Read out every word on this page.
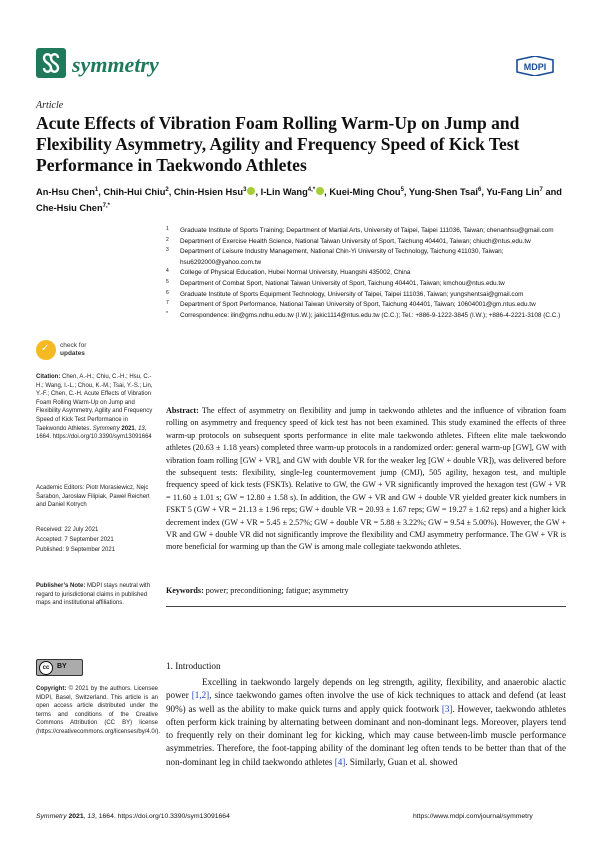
symmetry	MDPI
Article
Acute Effects of Vibration Foam Rolling Warm-Up on Jump and Flexibility Asymmetry, Agility and Frequency Speed of Kick Test Performance in Taekwondo Athletes
An-Hsu Chen$^1$, Chih-Hui Chiu$^2$, Chin-Hsien Hsu$^3$ , I-Lin Wang$^{4,*}$ , Kuei-Ming Chou$^5$, Yung-Shen Tsai$^6$, Yu-Fang Lin$^7$ and Che-Hsiu Chen$^{7,*}$
1 Graduate Institute of Sports Training; Department of Martial Arts, University of Taipei, Taipei 111036, Taiwan; chenanhsu@gmail.com
2 Department of Exercise Health Science, National Taiwan University of Sport, Taichung 404401, Taiwan; chiuch@ntus.edu.tw
3 Department of Leisure Industry Management, National Chin-Yi University of Technology, Taichung 411030, Taiwan; hsu6292000@yahoo.com.tw
4 College of Physical Education, Hubei Normal University, Huangshi 435002, China
5 Department of Combat Sport, National Taiwan University of Sport, Taichung 404401, Taiwan; kmchou@ntus.edu.tw
6 Graduate Institute of Sports Equipment Technology, University of Taipei, Taipei 111036, Taiwan; yungshentsai@gmail.com
7 Department of Sport Performance, National Taiwan University of Sport, Taichung 404401, Taiwan; 10604001@gm.ntus.edu.tw
* Correspondence: ilin@gms.ndhu.edu.tw (I.W.); jakic1114@ntus.edu.tw (C.C.); Tel.: +886-9-1222-3845 (I.W.); +886-4-2221-3108 (C.C.)
✓ check for
updates
Citation: Chen, A.-H.; Chiu, C.-H.; Hsu, C.-H.; Wang, I.-L.; Chou, K.-M.; Tsai, Y.-S.; Lin, Y.-F.; Chen, C.-H. Acute Effects of Vibration Foam Rolling Warm-Up on Jump and Flexibility Asymmetry, Agility and Frequency Speed of Kick Test Performance in Taekwondo Athletes. Symmetry 2021, 13, 1664. https://doi.org/10.3390/sym13091664
Academic Editors: Piotr Morasiewicz, Nejc Šarabon, Jarosław Filipiak, Paweł Reichert and Daniel Kotrych
Received: 22 July 2021
Accepted: 7 September 2021
Published: 9 September 2021
Publisher’s Note: MDPI stays neutral with regard to jurisdictional claims in published maps and institutional affiliations.
cc	BY
Copyright: © 2021 by the authors. Licensee MDPI, Basel, Switzerland. This article is an open access article distributed under the terms and conditions of the Creative Commons Attribution (CC BY) license (https://creativecommons.org/licenses/by/4.0/).
Abstract: The effect of asymmetry on flexibility and jump in taekwondo athletes and the influence of vibration foam rolling on asymmetry and frequency speed of kick test has not been examined. This study examined the effects of three warm-up protocols on subsequent sports performance in elite male taekwondo athletes. Fifteen elite male taekwondo athletes (20.63 ± 1.18 years) completed three warm-up protocols in a randomized order: general warm-up [GW], GW with vibration foam rolling [GW + VR], and GW with double VR for the weaker leg [GW + double VR]), was delivered before the subsequent tests: flexibility, single-leg countermovement jump (CMJ), 505 agility, hexagon test, and multiple frequency speed of kick tests (FSKTs). Relative to GW, the GW + VR significantly improved the hexagon test (GW + VR = 11.60 ± 1.01 s; GW = 12.80 ± 1.58 s). In addition, the GW + VR and GW + double VR yielded greater kick numbers in FSKT 5 (GW + VR = 21.13 ± 1.96 reps; GW + double VR = 20.93 ± 1.67 reps; GW = 19.27 ± 1.62 reps) and a higher kick decrement index (GW + VR = 5.45 ± 2.57%; GW + double VR = 5.88 ± 3.22%; GW = 9.54 ± 5.00%). However, the GW + VR and GW + double VR did not significantly improve the flexibility and CMJ asymmetry performance. The GW + VR is more beneficial for warming up than the GW is among male collegiate taekwondo athletes.
Keywords: power; preconditioning; fatigue; asymmetry
1. Introduction
Excelling in taekwondo largely depends on leg strength, agility, flexibility, and anaerobic alactic power [1,2], since taekwondo games often involve the use of kick techniques to attack and defend (at least 90%) as well as the ability to make quick turns and apply quick footwork [3]. However, taekwondo athletes often perform kick training by alternating between dominant and non-dominant legs. Moreover, players tend to frequently rely on their dominant leg for kicking, which may cause between-limb muscle performance asymmetries. Therefore, the foot-tapping ability of the dominant leg often tends to be better than that of the non-dominant leg in child taekwondo athletes [4]. Similarly, Guan et al. showed
Symmetry 2021, 13, 1664. https://doi.org/10.3390/sym13091664	https://www.mdpi.com/journal/symmetry
